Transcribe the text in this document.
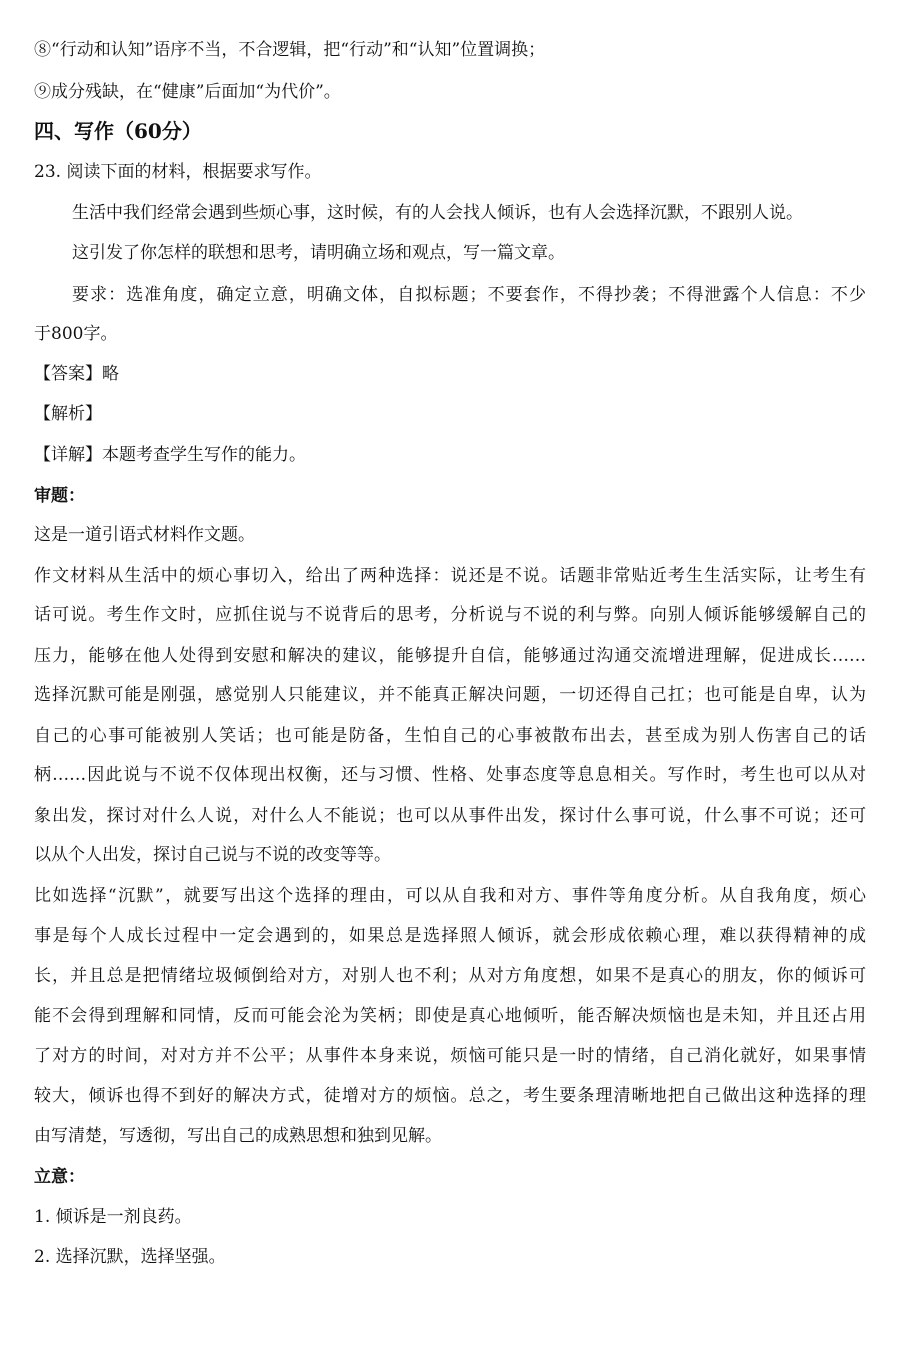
⑧“行动和认知”语序不当，不合逻辑，把“行动”和“认知”位置调换；
⑨成分残缺，在“健康”后面加“为代价”。
四、写作（60分）
23. 阅读下面的材料，根据要求写作。
生活中我们经常会遇到些烦心事，这时候，有的人会找人倾诉，也有人会选择沉默，不跟别人说。
这引发了你怎样的联想和思考，请明确立场和观点，写一篇文章。
要求：选准角度，确定立意，明确文体，自拟标题；不要套作，不得抄袭；不得泄露个人信息：不少
于800字。
【答案】略
【解析】
【详解】本题考查学生写作的能力。
审题：
这是一道引语式材料作文题。
作文材料从生活中的烦心事切入，给出了两种选择：说还是不说。话题非常贴近考生生活实际，让考生有
话可说。考生作文时，应抓住说与不说背后的思考，分析说与不说的利与弊。向别人倾诉能够缓解自己的
压力，能够在他人处得到安慰和解决的建议，能够提升自信，能够通过沟通交流增进理解，促进成长……
选择沉默可能是刚强，感觉别人只能建议，并不能真正解决问题，一切还得自己扛；也可能是自卑，认为
自己的心事可能被别人笑话；也可能是防备，生怕自己的心事被散布出去，甚至成为别人伤害自己的话
柄……因此说与不说不仅体现出权衡，还与习惯、性格、处事态度等息息相关。写作时，考生也可以从对
象出发，探讨对什么人说，对什么人不能说；也可以从事件出发，探讨什么事可说，什么事不可说；还可
以从个人出发，探讨自己说与不说的改变等等。
比如选择“沉默”，就要写出这个选择的理由，可以从自我和对方、事件等角度分析。从自我角度，烦心
事是每个人成长过程中一定会遇到的，如果总是选择照人倾诉，就会形成依赖心理，难以获得精神的成
长，并且总是把情绪垃圾倾倒给对方，对别人也不利；从对方角度想，如果不是真心的朋友，你的倾诉可
能不会得到理解和同情，反而可能会沦为笑柄；即使是真心地倾听，能否解决烦恼也是未知，并且还占用
了对方的时间，对对方并不公平；从事件本身来说，烦恼可能只是一时的情绪，自己消化就好，如果事情
较大，倾诉也得不到好的解决方式，徒增对方的烦恼。总之，考生要条理清晰地把自己做出这种选择的理
由写清楚，写透彻，写出自己的成熟思想和独到见解。
立意：
1. 倾诉是一剂良药。
2. 选择沉默，选择坚强。
